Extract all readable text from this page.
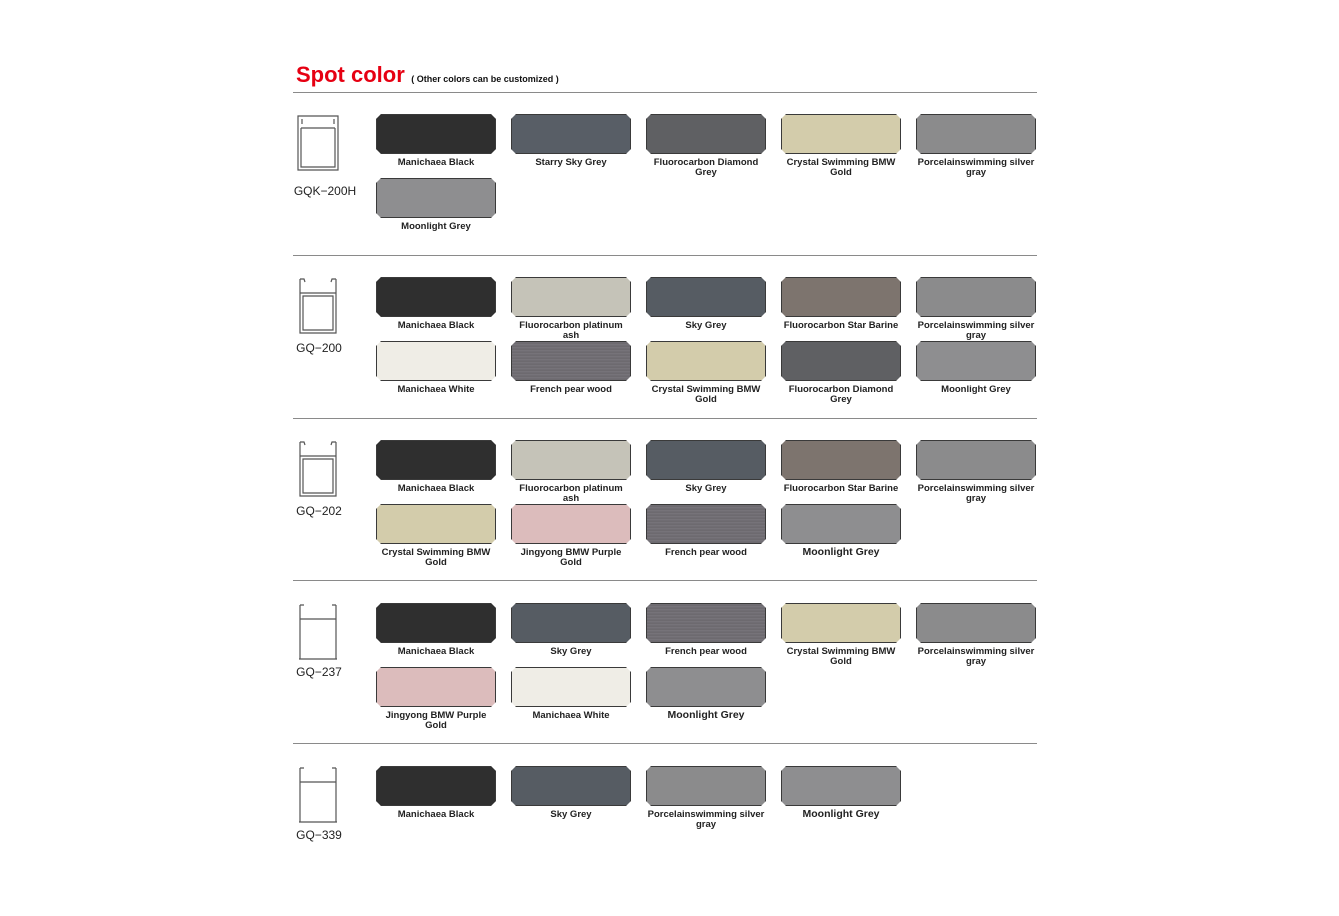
Spot color ( Other colors can be customized )
GQK−200H
Manichaea Black	Starry Sky Grey	Fluorocarbon Diamond Grey
Crystal Swimming BMW Gold
Porcelainswimming silver gray
Moonlight Grey
GQ−200
Manichaea Black	Fluorocarbon platinum ash
Sky Grey	Fluorocarbon Star Barine Porcelainswimming silver gray
Manichaea White	French pear wood	Crystal Swimming BMW Gold
Fluorocarbon Diamond Grey
Moonlight Grey
GQ−202
Manichaea Black	Fluorocarbon platinum ash
Sky Grey	Fluorocarbon Star Barine Porcelainswimming silver gray
Crystal Swimming BMW Gold
Jingyong BMW Purple Gold
French pear wood	Moonlight Grey
GQ−237
Manichaea Black	Sky Grey	French pear wood	Crystal Swimming BMW Gold
Porcelainswimming silver gray
Jingyong BMW Purple Gold
Manichaea White	Moonlight Grey
GQ−339
Manichaea Black	Sky Grey	Porcelainswimming silver gray
Moonlight Grey
